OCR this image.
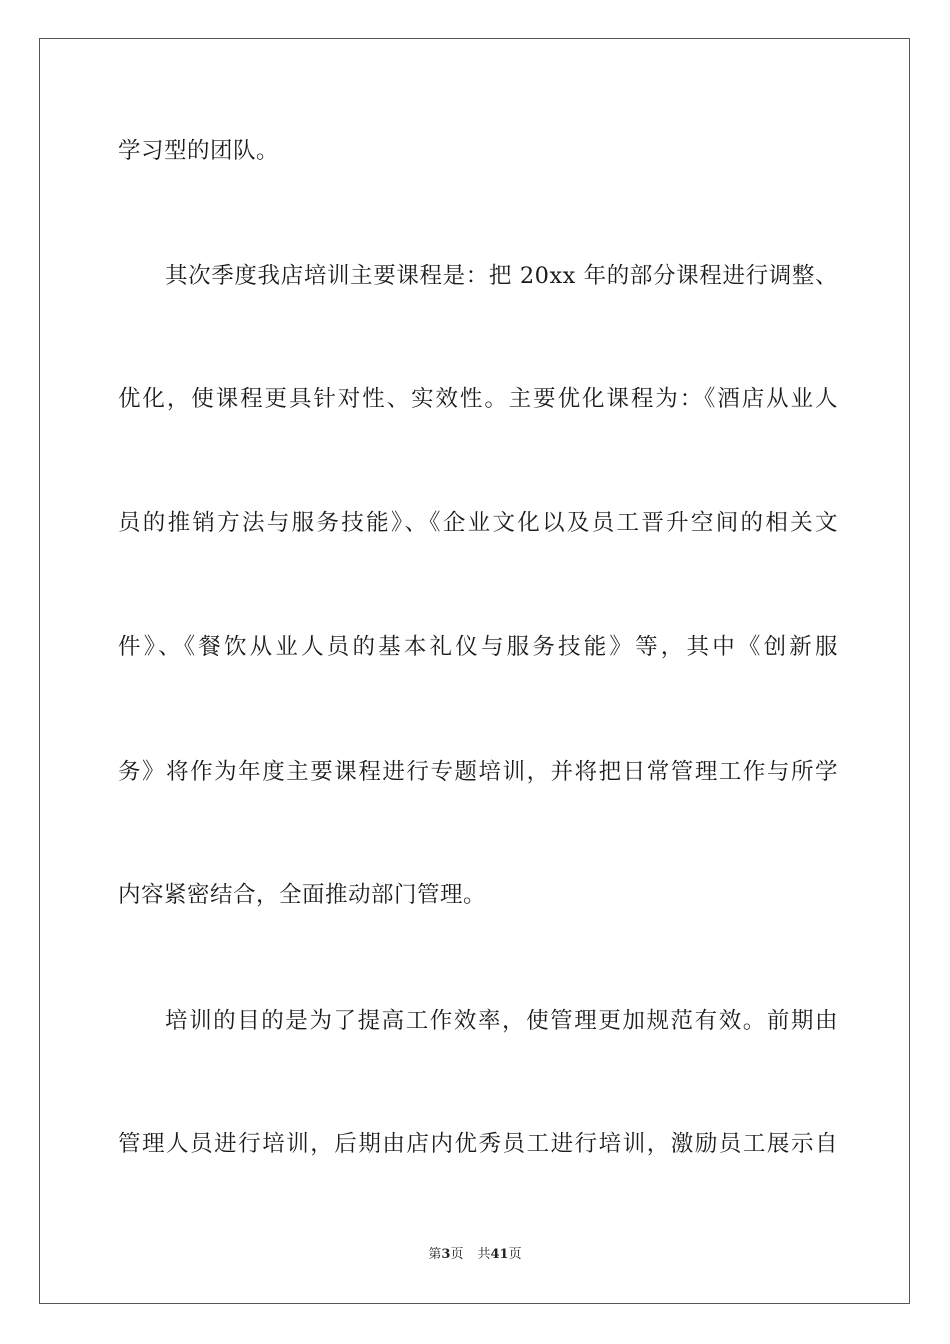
学习型的团队。
其次季度我店培训主要课程是：把 20xx 年的部分课程进行调整、
优化，使课程更具针对性、实效性。主要优化课程为：《酒店从业人
员的推销方法与服务技能》、《企业文化以及员工晋升空间的相关文
件》、《餐饮从业人员的基本礼仪与服务技能》等，其中《创新服
务》将作为年度主要课程进行专题培训，并将把日常管理工作与所学
内容紧密结合，全面推动部门管理。
培训的目的是为了提高工作效率，使管理更加规范有效。前期由
管理人员进行培训，后期由店内优秀员工进行培训，激励员工展示自
第3页 共41页
